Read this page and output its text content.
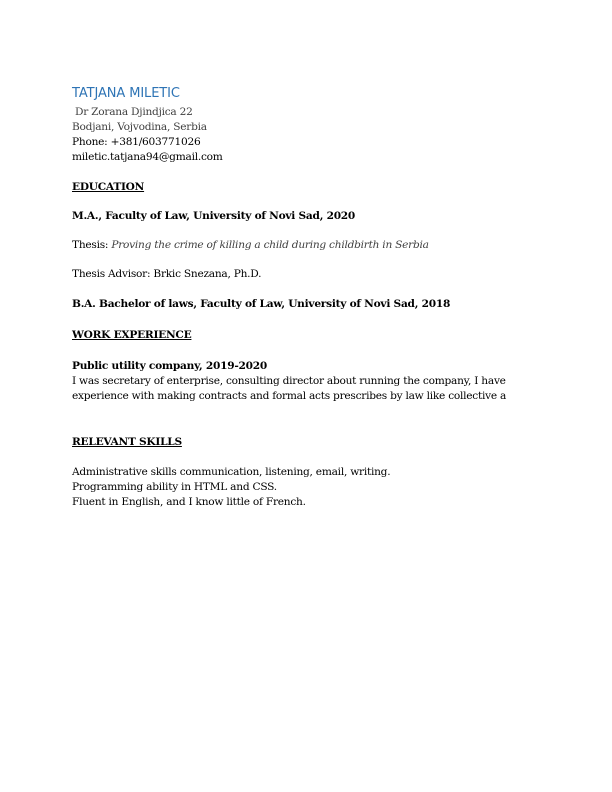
TATJANA MILETIC
Dr Zorana Djindjica 22
Bodjani, Vojvodina, Serbia
Phone: +381/603771026
miletic.tatjana94@gmail.com
EDUCATION
M.A., Faculty of Law, University of Novi Sad, 2020
Thesis: Proving the crime of killing a child during childbirth in Serbia
Thesis Advisor: Brkic Snezana, Ph.D.
B.A. Bachelor of laws, Faculty of Law, University of Novi Sad, 2018
WORK EXPERIENCE
Public utility company, 2019-2020
I was secretary of enterprise, consulting director about running the company, I have
experience with making contracts and formal acts prescribes by law like collective a
RELEVANT SKILLS
Administrative skills communication, listening, email, writing.
Programming ability in HTML and CSS.
Fluent in English, and I know little of French.
